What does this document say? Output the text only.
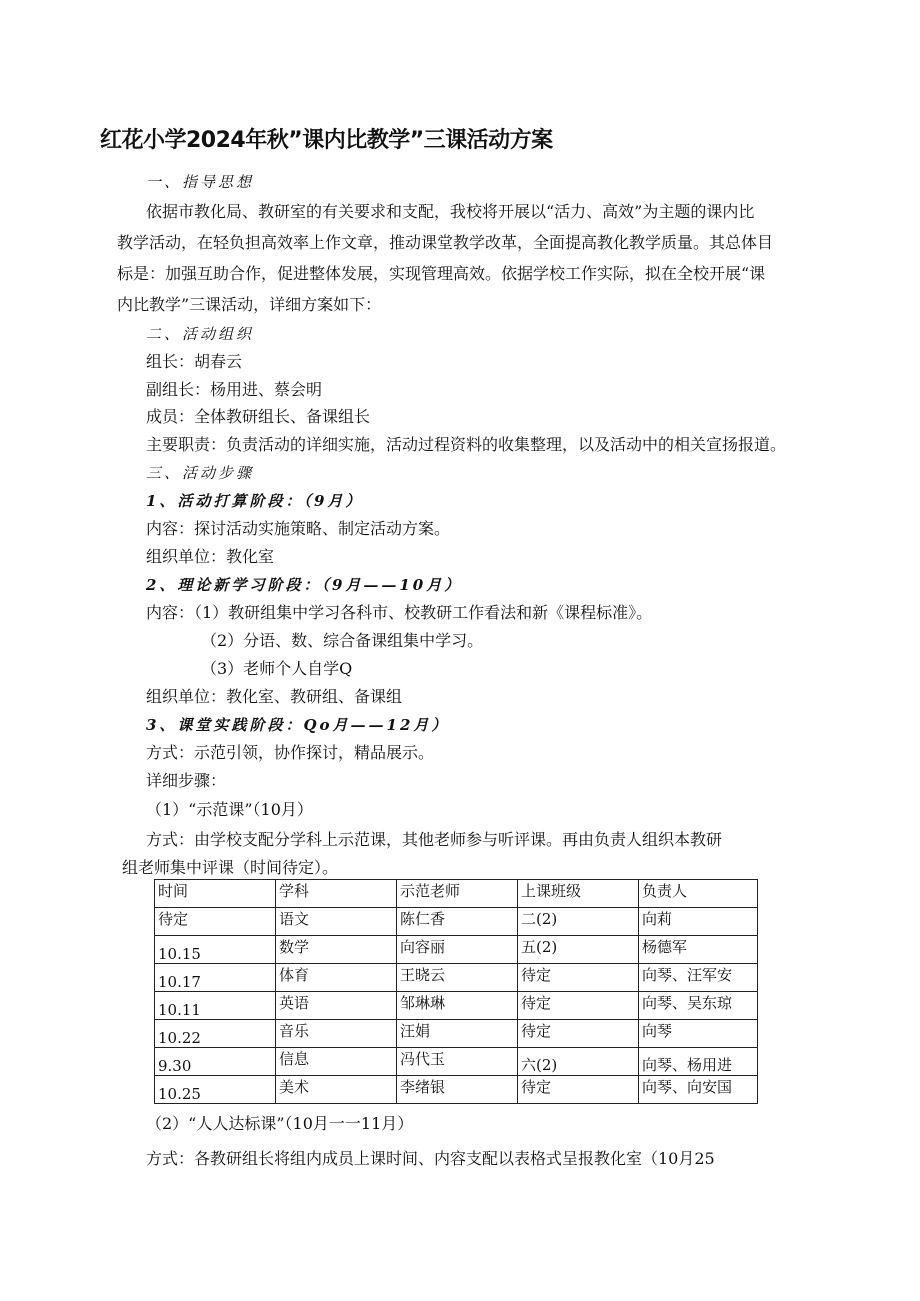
红花小学2024年秋”课内比教学”三课活动方案
一、指导思想
依据市教化局、教研室的有关要求和支配，我校将开展以“活力、高效”为主题的课内比
教学活动，在轻负担高效率上作文章，推动课堂教学改革，全面提高教化教学质量。其总体目
标是：加强互助合作，促进整体发展，实现管理高效。依据学校工作实际，拟在全校开展“课
内比教学”三课活动，详细方案如下：
二、活动组织
组长：胡春云
副组长：杨用进、蔡会明
成员：全体教研组长、备课组长
主要职责：负责活动的详细实施，活动过程资料的收集整理，以及活动中的相关宣扬报道。
三、活动步骤
1、活动打算阶段：（9月）
内容：探讨活动实施策略、制定活动方案。
组织单位：教化室
2、理论新学习阶段：（9月——10月）
内容：（1）教研组集中学习各科市、校教研工作看法和新《课程标准》。
（2）分语、数、综合备课组集中学习。
（3）老师个人自学Q
组织单位：教化室、教研组、备课组
3、课堂实践阶段：Qo月——12月）
方式：示范引领，协作探讨，精品展示。
详细步骤：
（1）“示范课”（10月）
方式：由学校支配分学科上示范课，其他老师参与听评课。再由负责人组织本教研
组老师集中评课（时间待定）。
时间	学科	示范老师	上课班级	负责人
待定	语文	陈仁香	二(2)	向莉
10.15	数学	向容丽	五(2)	杨德军
10.17	体育	王晓云	待定	向琴、汪军安
10.11	英语	邹琳琳	待定	向琴、吴东琼
10.22	音乐	汪娟	待定	向琴
9.30	信息	冯代玉	六(2)	向琴、杨用进
10.25	美术	李绪银	待定	向琴、向安国
（2）“人人达标课”（10月一一11月）
方式：各教研组长将组内成员上课时间、内容支配以表格式呈报教化室（10月25
